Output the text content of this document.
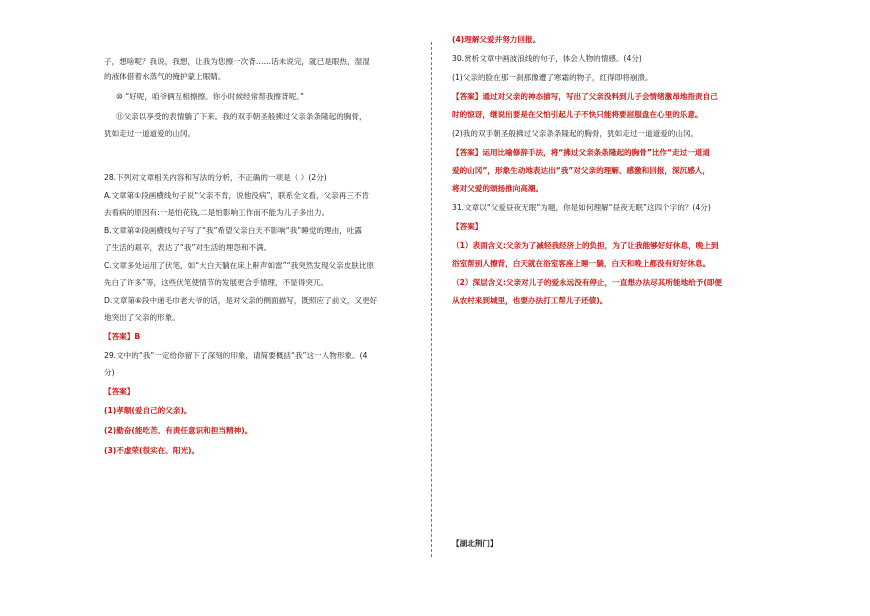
子，想啥呢？我说，我想，让我为您擦一次背……话未说完，就已是眼热，湿湿

的液体借着水蒸气的掩护蒙上眼睛。

⑩ “好呢，咱爷俩互相擦擦。你小时候经常帮我擦背呢。”

⑪父亲以享受的表情躺了下来。我的双手朝圣般拂过父亲条条隆起的胸骨，

犹如走过一道道爱的山冈。

28.下列对文章相关内容和写法的分析，不正确的一项是（ ）(2分)

A.文章第①段画横线句子说“父亲不肯，说他没病”，联系全文看，父亲再三不肯

去看病的原因有:一是怕花钱,二是怕影响工作而不能为儿子多出力。

B.文章第②段画横线句子写了“我”希望父亲白天不影响“我”睡觉的理由，吐露

了生活的艰辛，表达了“我”对生活的埋怨和不满。

C.文章多处运用了伏笔，如“大白天躺在床上鼾声如雷”“我突然发现父亲皮肤比原

先白了许多”等，这些伏笔使情节的发展更合乎情理，不显得突兀。

D.文章第⑥段中递毛巾老大爷的话，是对父亲的侧面描写，既照应了前文，又更好

地突出了父亲的形象。

【答案】B

29.文中的“我”一定给你留下了深刻的印象，请简要概括“我”这一人物形象。(4

分)

【答案】

(1)孝顺(爱自己的父亲)。

(2)勤奋(能吃苦、有责任意识和担当精神)。

(3)不虚荣(很实在、阳光)。

(4)理解父爱并努力回报。

30.赏析文章中画波浪线的句子，体会人物的情感。(4分)

(1)父亲的脸在那一刹那像遭了寒霜的物子，红得即将崩溃。

【答案】通过对父亲的神态描写，写出了父亲没料到儿子会情绪激昂地指责自己

时的惊讶，继说出要是在父怕引起儿子不快只能将要屈服盘在心里的乐意。

(2)我的双手朝圣般拂过父亲条条隆起的胸骨，犹如走过一道道爱的山冈。

【答案】运用比喻修辞手法，将“拂过父亲条条隆起的胸骨”比作“走过一道道

爱的山冈”，形象生动地表达出“我”对父亲的理解、感激和回报，深沉感人，

将对父爱的颂扬推向高潮。

31.文章以“父爱昼夜无眠”为题，你是如何理解“昼夜无眠”这四个字的？(4分)

【答案】

（1）表面含义:父亲为了减轻我经济上的负担，为了让我能够好好休息，晚上到

浴室帮别人擦背，白天就在浴室客座上睡一躺，白天和晚上都没有好好休息。

（2）深层含义:父亲对儿子的爱永远没有停止，一直想办法尽其所能地给予(即便

从农村来到城里，也要办法打工帮儿子还债)。

【湖北荆门】
